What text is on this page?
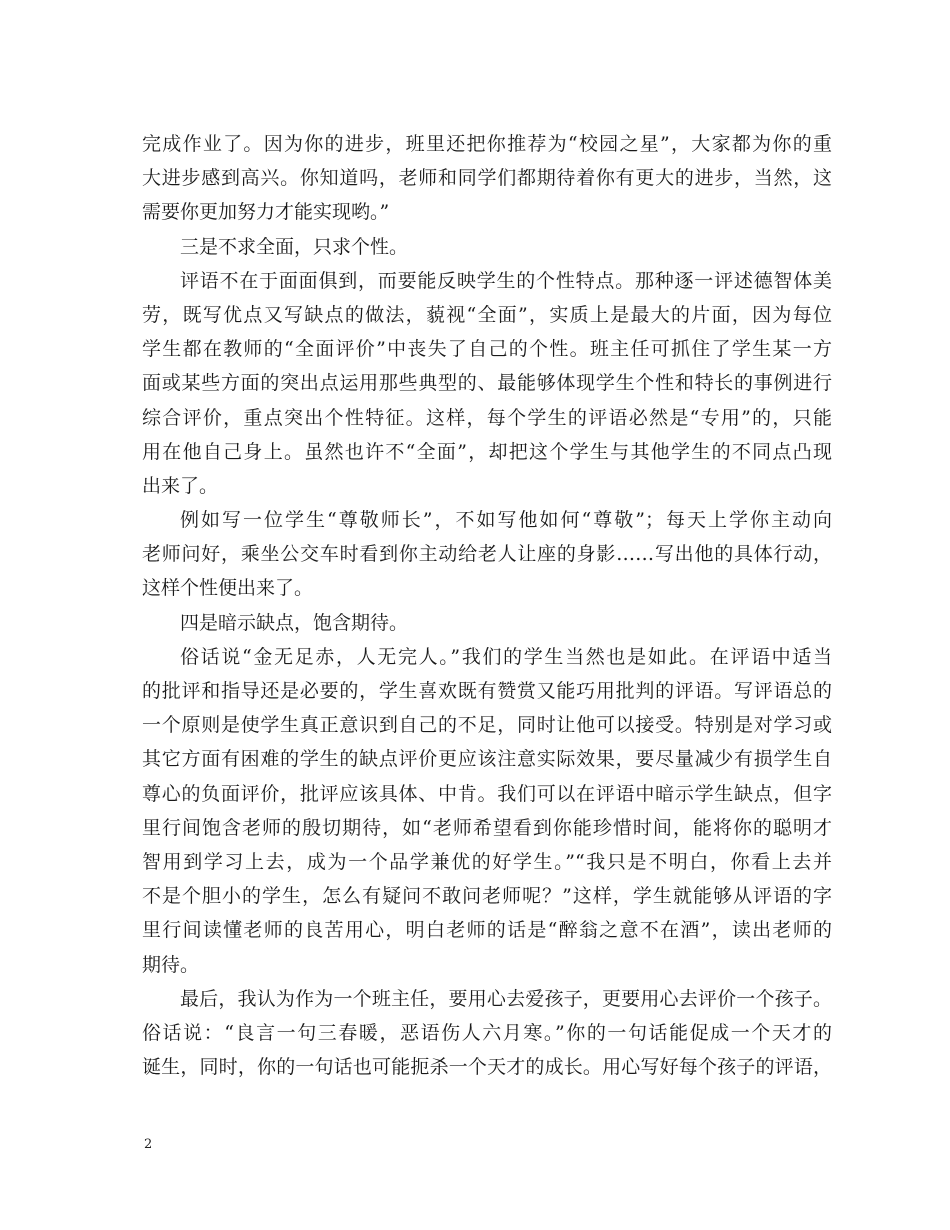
完成作业了。因为你的进步，班里还把你推荐为“校园之星”，大家都为你的重
大进步感到高兴。你知道吗，老师和同学们都期待着你有更大的进步，当然，这
需要你更加努力才能实现哟。”
三是不求全面，只求个性。
评语不在于面面俱到，而要能反映学生的个性特点。那种逐一评述德智体美
劳，既写优点又写缺点的做法，藐视“全面”，实质上是最大的片面，因为每位
学生都在教师的“全面评价”中丧失了自己的个性。班主任可抓住了学生某一方
面或某些方面的突出点运用那些典型的、最能够体现学生个性和特长的事例进行
综合评价，重点突出个性特征。这样，每个学生的评语必然是“专用”的，只能
用在他自己身上。虽然也许不“全面”，却把这个学生与其他学生的不同点凸现
出来了。
例如写一位学生“尊敬师长”，不如写他如何“尊敬”；每天上学你主动向
老师问好，乘坐公交车时看到你主动给老人让座的身影……写出他的具体行动，
这样个性便出来了。
四是暗示缺点，饱含期待。
俗话说“金无足赤，人无完人。”我们的学生当然也是如此。在评语中适当
的批评和指导还是必要的，学生喜欢既有赞赏又能巧用批判的评语。写评语总的
一个原则是使学生真正意识到自己的不足，同时让他可以接受。特别是对学习或
其它方面有困难的学生的缺点评价更应该注意实际效果，要尽量减少有损学生自
尊心的负面评价，批评应该具体、中肯。我们可以在评语中暗示学生缺点，但字
里行间饱含老师的殷切期待，如“老师希望看到你能珍惜时间，能将你的聪明才
智用到学习上去，成为一个品学兼优的好学生。”“我只是不明白，你看上去并
不是个胆小的学生，怎么有疑问不敢问老师呢？”这样，学生就能够从评语的字
里行间读懂老师的良苦用心，明白老师的话是“醉翁之意不在酒”，读出老师的
期待。
最后，我认为作为一个班主任，要用心去爱孩子，更要用心去评价一个孩子。
俗话说：“良言一句三春暖，恶语伤人六月寒。”你的一句话能促成一个天才的
诞生，同时，你的一句话也可能扼杀一个天才的成长。用心写好每个孩子的评语，
2
